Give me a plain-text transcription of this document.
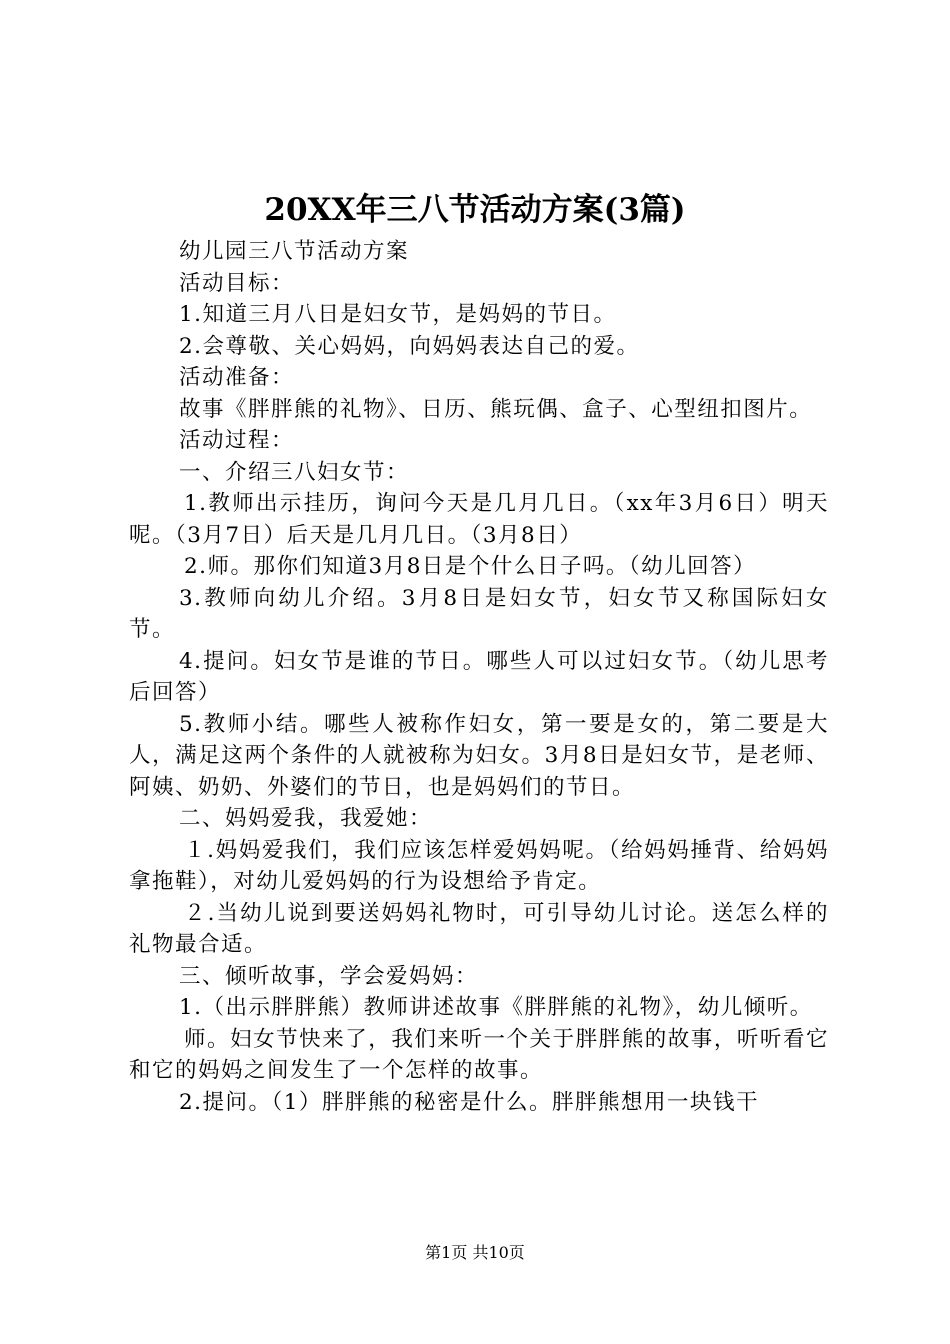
20XX年三八节活动方案(3篇)

幼儿园三八节活动方案

活动目标：

1.知道三月八日是妇女节，是妈妈的节日。

2.会尊敬、关心妈妈，向妈妈表达自己的爱。

活动准备：

故事《胖胖熊的礼物》、日历、熊玩偶、盒子、心型纽扣图片。

活动过程：

一、介绍三八妇女节：

1.教师出示挂历，询问今天是几月几日。（xx年3月6日）明天呢。（3月7日）后天是几月几日。（3月8日）

2.师。那你们知道3月8日是个什么日子吗。（幼儿回答）

3.教师向幼儿介绍。3月8日是妇女节，妇女节又称国际妇女节。

4.提问。妇女节是谁的节日。哪些人可以过妇女节。（幼儿思考后回答）

5.教师小结。哪些人被称作妇女，第一要是女的，第二要是大人，满足这两个条件的人就被称为妇女。3月8日是妇女节，是老师、阿姨、奶奶、外婆们的节日，也是妈妈们的节日。

二、妈妈爱我，我爱她：

１.妈妈爱我们，我们应该怎样爱妈妈呢。（给妈妈捶背、给妈妈拿拖鞋），对幼儿爱妈妈的行为设想给予肯定。

２.当幼儿说到要送妈妈礼物时，可引导幼儿讨论。送怎么样的礼物最合适。

三、倾听故事，学会爱妈妈：

1.（出示胖胖熊）教师讲述故事《胖胖熊的礼物》，幼儿倾听。

师。妇女节快来了，我们来听一个关于胖胖熊的故事，听听看它和它的妈妈之间发生了一个怎样的故事。

2.提问。（1）胖胖熊的秘密是什么。胖胖熊想用一块钱干

第1页 共10页
